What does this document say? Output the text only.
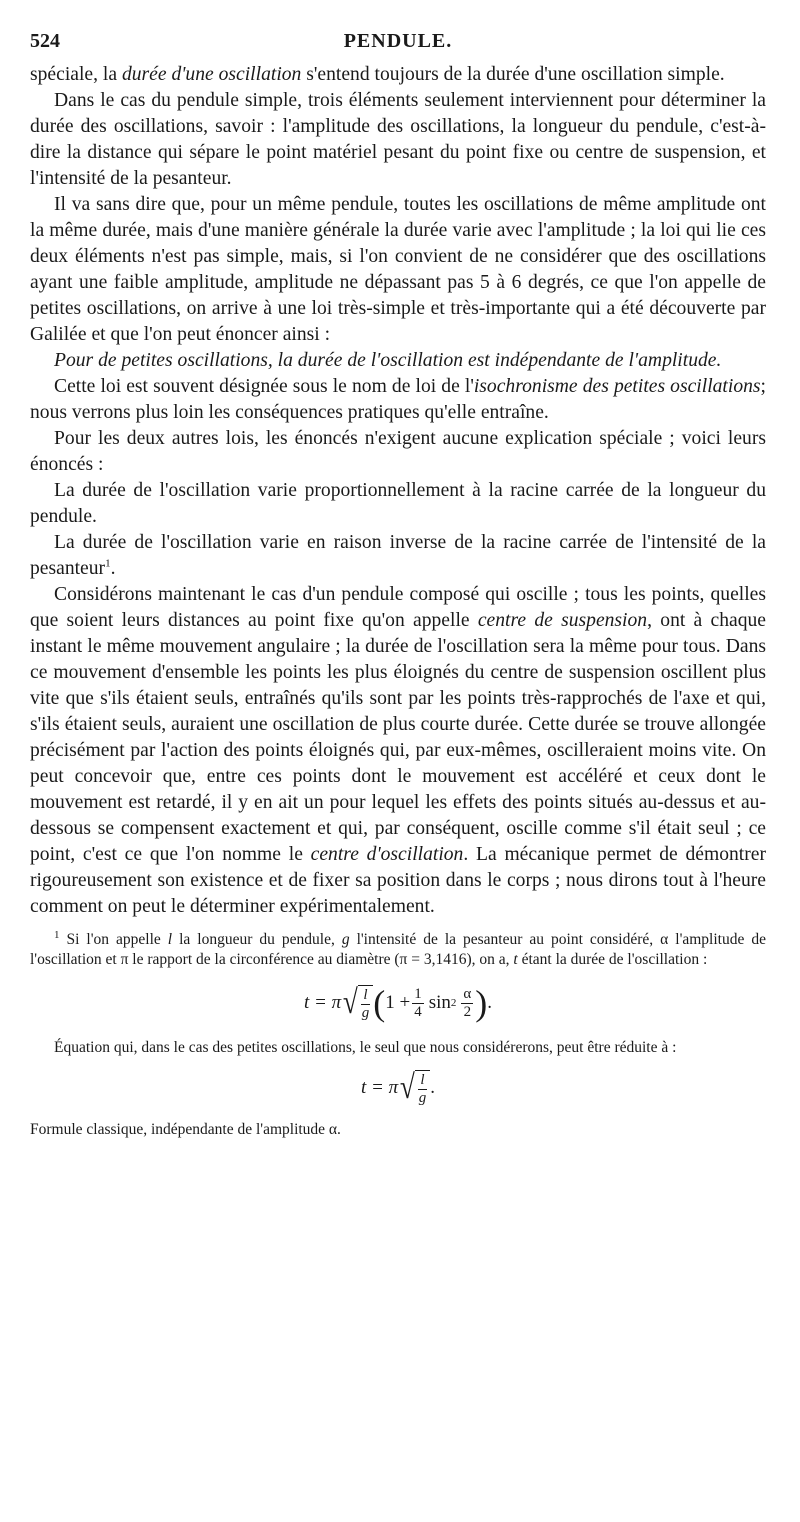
524	PENDULE.

spéciale, la durée d'une oscillation s'entend toujours de la durée d'une oscillation simple.

Dans le cas du pendule simple, trois éléments seulement interviennent pour déterminer la durée des oscillations, savoir : l'amplitude des oscillations, la longueur du pendule, c'est-à-dire la distance qui sépare le point matériel pesant du point fixe ou centre de suspension, et l'intensité de la pesanteur.

Il va sans dire que, pour un même pendule, toutes les oscillations de même amplitude ont la même durée, mais d'une manière générale la durée varie avec l'amplitude ; la loi qui lie ces deux éléments n'est pas simple, mais, si l'on convient de ne considérer que des oscillations ayant une faible amplitude, amplitude ne dépassant pas 5 à 6 degrés, ce que l'on appelle de petites oscillations, on arrive à une loi très-simple et très-importante qui a été découverte par Galilée et que l'on peut énoncer ainsi :

Pour de petites oscillations, la durée de l'oscillation est indépendante de l'amplitude.

Cette loi est souvent désignée sous le nom de loi de l'isochronisme des petites oscillations; nous verrons plus loin les conséquences pratiques qu'elle entraîne.

Pour les deux autres lois, les énoncés n'exigent aucune explication spéciale ; voici leurs énoncés :

La durée de l'oscillation varie proportionnellement à la racine carrée de la longueur du pendule.

La durée de l'oscillation varie en raison inverse de la racine carrée de l'intensité de la pesanteur$^1$.

Considérons maintenant le cas d'un pendule composé qui oscille ; tous les points, quelles que soient leurs distances au point fixe qu'on appelle centre de suspension, ont à chaque instant le même mouvement angulaire ; la durée de l'oscillation sera la même pour tous. Dans ce mouvement d'ensemble les points les plus éloignés du centre de suspension oscillent plus vite que s'ils étaient seuls, entraînés qu'ils sont par les points très-rapprochés de l'axe et qui, s'ils étaient seuls, auraient une oscillation de plus courte durée. Cette durée se trouve allongée précisément par l'action des points éloignés qui, par eux-mêmes, oscilleraient moins vite. On peut concevoir que, entre ces points dont le mouvement est accéléré et ceux dont le mouvement est retardé, il y en ait un pour lequel les effets des points situés au-dessus et au-dessous se compensent exactement et qui, par conséquent, oscille comme s'il était seul ; ce point, c'est ce que l'on nomme le centre d'oscillation. La mécanique permet de démontrer rigoureusement son existence et de fixer sa position dans le corps ; nous dirons tout à l'heure comment on peut le déterminer expérimentalement.

$^1$ Si l'on appelle l la longueur du pendule, g l'intensité de la pesanteur au point considéré, α l'amplitude de l'oscillation et π le rapport de la circonférence au diamètre (π = 3,1416), on a, t étant la durée de l'oscillation :

t = π √ $\frac{l}{g}$ ( $1 + \frac{1}{4}$ $\sin 2 \frac{\alpha}{2}$ ) .

Équation qui, dans le cas des petites oscillations, le seul que nous considérerons, peut être réduite à :

t = π √ $\frac{l}{g}$ .

Formule classique, indépendante de l'amplitude α.
